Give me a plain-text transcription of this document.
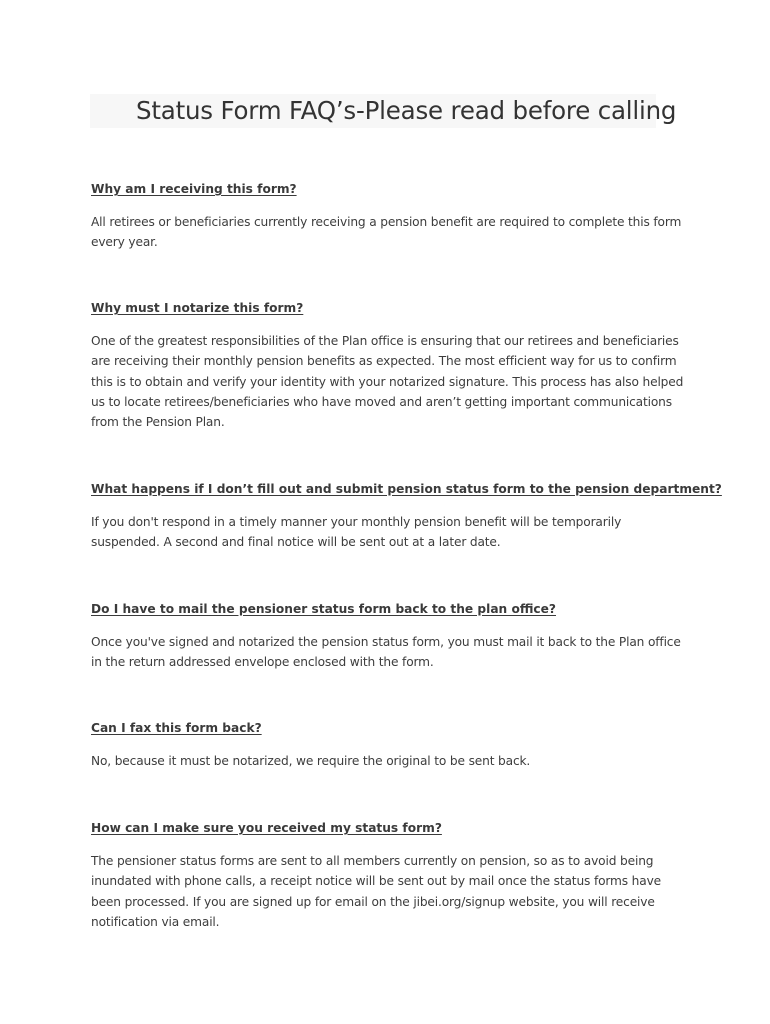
Status Form FAQ’s-Please read before calling

Why am I receiving this form?

All retirees or beneficiaries currently receiving a pension benefit are required to complete this form every year.

Why must I notarize this form?

One of the greatest responsibilities of the Plan office is ensuring that our retirees and beneficiaries are receiving their monthly pension benefits as expected. The most efficient way for us to confirm this is to obtain and verify your identity with your notarized signature. This process has also helped us to locate retirees/beneficiaries who have moved and aren’t getting important communications from the Pension Plan.

What happens if I don’t fill out and submit pension status form to the pension department?

If you don't respond in a timely manner your monthly pension benefit will be temporarily suspended. A second and final notice will be sent out at a later date.

Do I have to mail the pensioner status form back to the plan office?

Once you've signed and notarized the pension status form, you must mail it back to the Plan office in the return addressed envelope enclosed with the form.

Can I fax this form back?

No, because it must be notarized, we require the original to be sent back.

How can I make sure you received my status form?

The pensioner status forms are sent to all members currently on pension, so as to avoid being inundated with phone calls, a receipt notice will be sent out by mail once the status forms have been processed. If you are signed up for email on the jibei.org/signup website, you will receive notification via email.
